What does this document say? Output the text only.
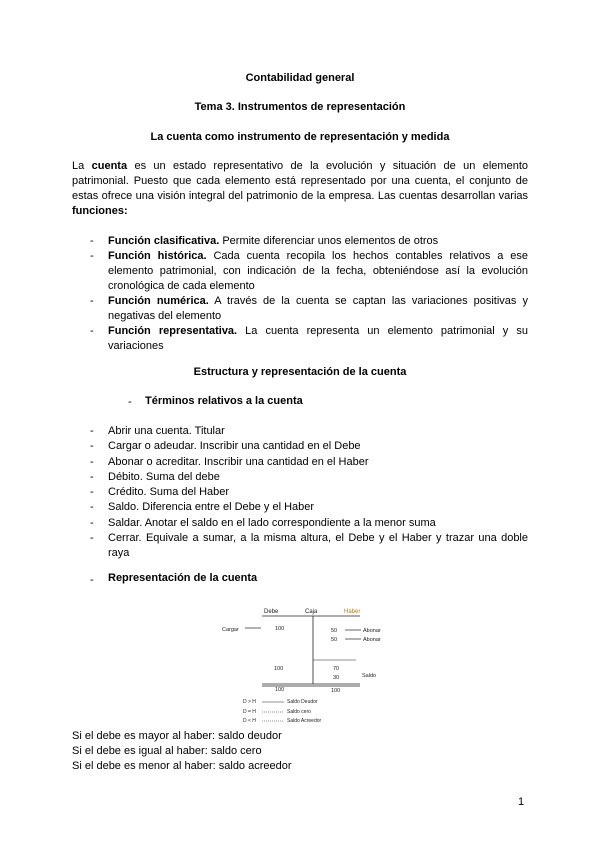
Contabilidad general
Tema 3. Instrumentos de representación
La cuenta como instrumento de representación y medida
La cuenta es un estado representativo de la evolución y situación de un elemento patrimonial. Puesto que cada elemento está representado por una cuenta, el conjunto de estas ofrece una visión integral del patrimonio de la empresa. Las cuentas desarrollan varias funciones:
- Función clasificativa. Permite diferenciar unos elementos de otros
- Función histórica. Cada cuenta recopila los hechos contables relativos a ese elemento patrimonial, con indicación de la fecha, obteniéndose así la evolución cronológica de cada elemento
- Función numérica. A través de la cuenta se captan las variaciones positivas y negativas del elemento
- Función representativa. La cuenta representa un elemento patrimonial y su variaciones
Estructura y representación de la cuenta
- Términos relativos a la cuenta
- Abrir una cuenta. Titular
- Cargar o adeudar. Inscribir una cantidad en el Debe
- Abonar o acreditar. Inscribir una cantidad en el Haber
- Débito. Suma del debe
- Crédito. Suma del Haber
- Saldo. Diferencia entre el Debe y el Haber
- Saldar. Anotar el saldo en el lado correspondiente a la menor suma
- Cerrar. Equivale a sumar, a la misma altura, el Debe y el Haber y trazar una doble raya
- Representación de la cuenta
Debe	Caja	Haber
Cargar	100	50
50
Abonar
Abonar
100	70
30	Saldo
100	100
D > H	Saldo Deudor
D = H	Saldo cero
D < H	Saldo Acreedor
Si el debe es mayor al haber: saldo deudor
Si el debe es igual al haber: saldo cero
Si el debe es menor al haber: saldo acreedor
1
